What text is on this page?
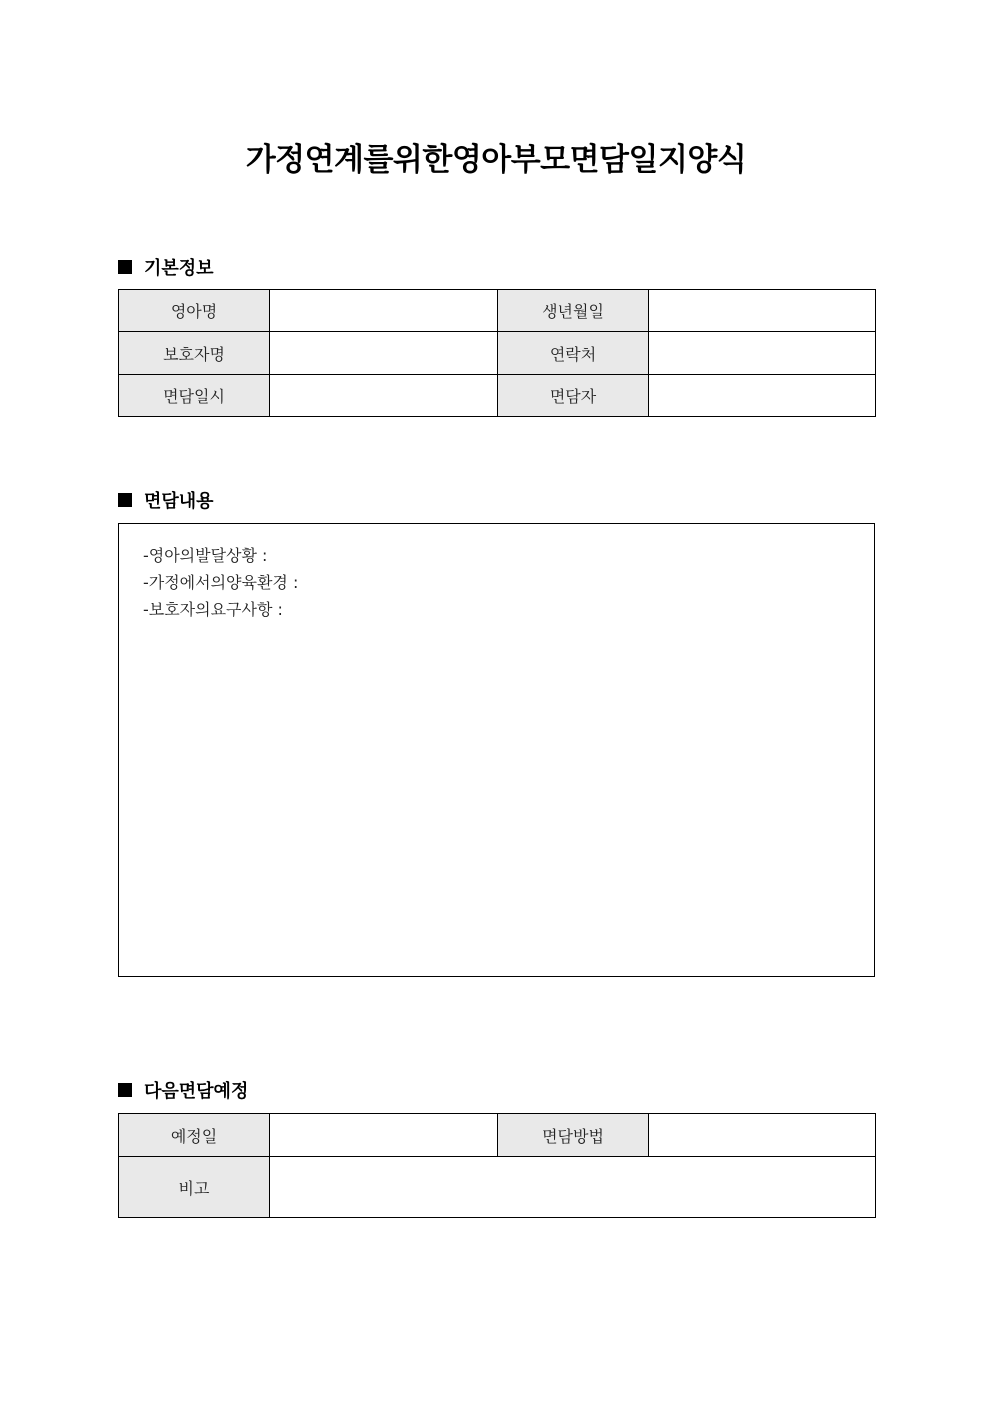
가정연계를위한영아부모면담일지양식
기본정보
영아명		생년월일	
보호자명		연락처	
면담일시		면담자	
면담내용
-영아의발달상황 :
-가정에서의양육환경 :
-보호자의요구사항 :
다음면담예정
예정일		면담방법	
비고			
